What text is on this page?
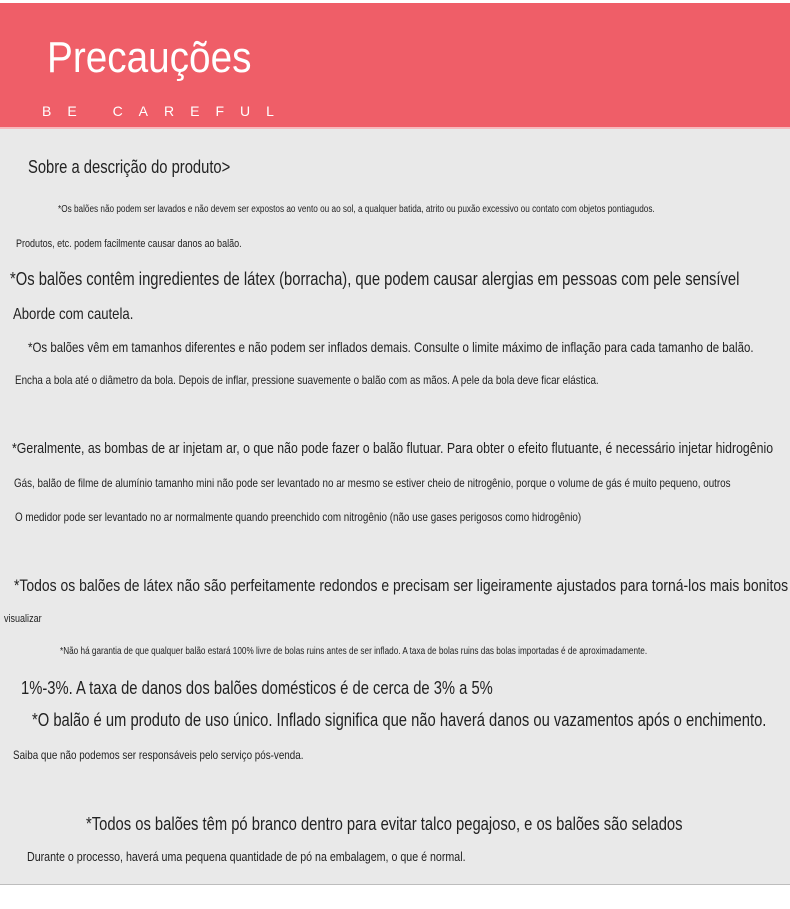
Precauções
BE CAREFUL
Sobre a descrição do produto>
*Os balões não podem ser lavados e não devem ser expostos ao vento ou ao sol, a qualquer batida, atrito ou puxão excessivo ou contato com objetos pontiagudos.
Produtos, etc. podem facilmente causar danos ao balão.
*Os balões contêm ingredientes de látex (borracha), que podem causar alergias em pessoas com pele sensível
Aborde com cautela.
*Os balões vêm em tamanhos diferentes e não podem ser inflados demais. Consulte o limite máximo de inflação para cada tamanho de balão.
Encha a bola até o diâmetro da bola. Depois de inflar, pressione suavemente o balão com as mãos. A pele da bola deve ficar elástica.
*Geralmente, as bombas de ar injetam ar, o que não pode fazer o balão flutuar. Para obter o efeito flutuante, é necessário injetar hidrogênio
Gás, balão de filme de alumínio tamanho mini não pode ser levantado no ar mesmo se estiver cheio de nitrogênio, porque o volume de gás é muito pequeno, outros
O medidor pode ser levantado no ar normalmente quando preenchido com nitrogênio (não use gases perigosos como hidrogênio)
*Todos os balões de látex não são perfeitamente redondos e precisam ser ligeiramente ajustados para torná-los mais bonitos
visualizar
*Não há garantia de que qualquer balão estará 100% livre de bolas ruins antes de ser inflado. A taxa de bolas ruins das bolas importadas é de aproximadamente.
1%-3%. A taxa de danos dos balões domésticos é de cerca de 3% a 5%
*O balão é um produto de uso único. Inflado significa que não haverá danos ou vazamentos após o enchimento.
Saiba que não podemos ser responsáveis ​​pelo serviço pós-venda.
*Todos os balões têm pó branco dentro para evitar talco pegajoso, e os balões são selados
Durante o processo, haverá uma pequena quantidade de pó na embalagem, o que é normal.
